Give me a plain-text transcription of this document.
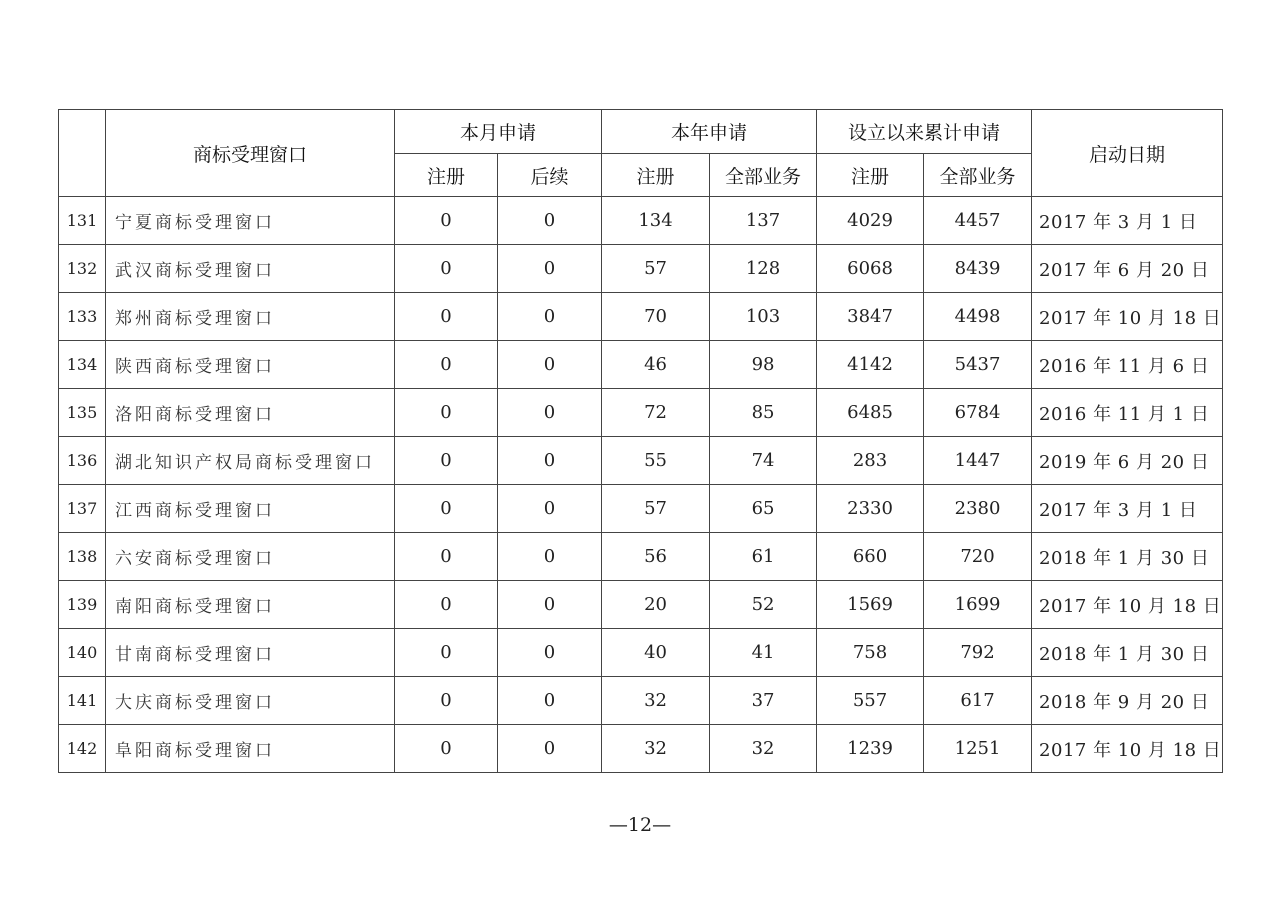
	商标受理窗口	本月申请		本年申请		设立以来累计申请		启动日期
		注册	后续	注册	全部业务	注册	全部业务	
131	宁夏商标受理窗口	0	0	134	137	4029	4457	2017 年 3 月 1 日
132	武汉商标受理窗口	0	0	57	128	6068	8439	2017 年 6 月 20 日
133	郑州商标受理窗口	0	0	70	103	3847	4498	2017 年 10 月 18 日
134	陕西商标受理窗口	0	0	46	98	4142	5437	2016 年 11 月 6 日
135	洛阳商标受理窗口	0	0	72	85	6485	6784	2016 年 11 月 1 日
136	湖北知识产权局商标受理窗口	0	0	55	74	283	1447	2019 年 6 月 20 日
137	江西商标受理窗口	0	0	57	65	2330	2380	2017 年 3 月 1 日
138	六安商标受理窗口	0	0	56	61	660	720	2018 年 1 月 30 日
139	南阳商标受理窗口	0	0	20	52	1569	1699	2017 年 10 月 18 日
140	甘南商标受理窗口	0	0	40	41	758	792	2018 年 1 月 30 日
141	大庆商标受理窗口	0	0	32	37	557	617	2018 年 9 月 20 日
142	阜阳商标受理窗口	0	0	32	32	1239	1251	2017 年 10 月 18 日
—12—
